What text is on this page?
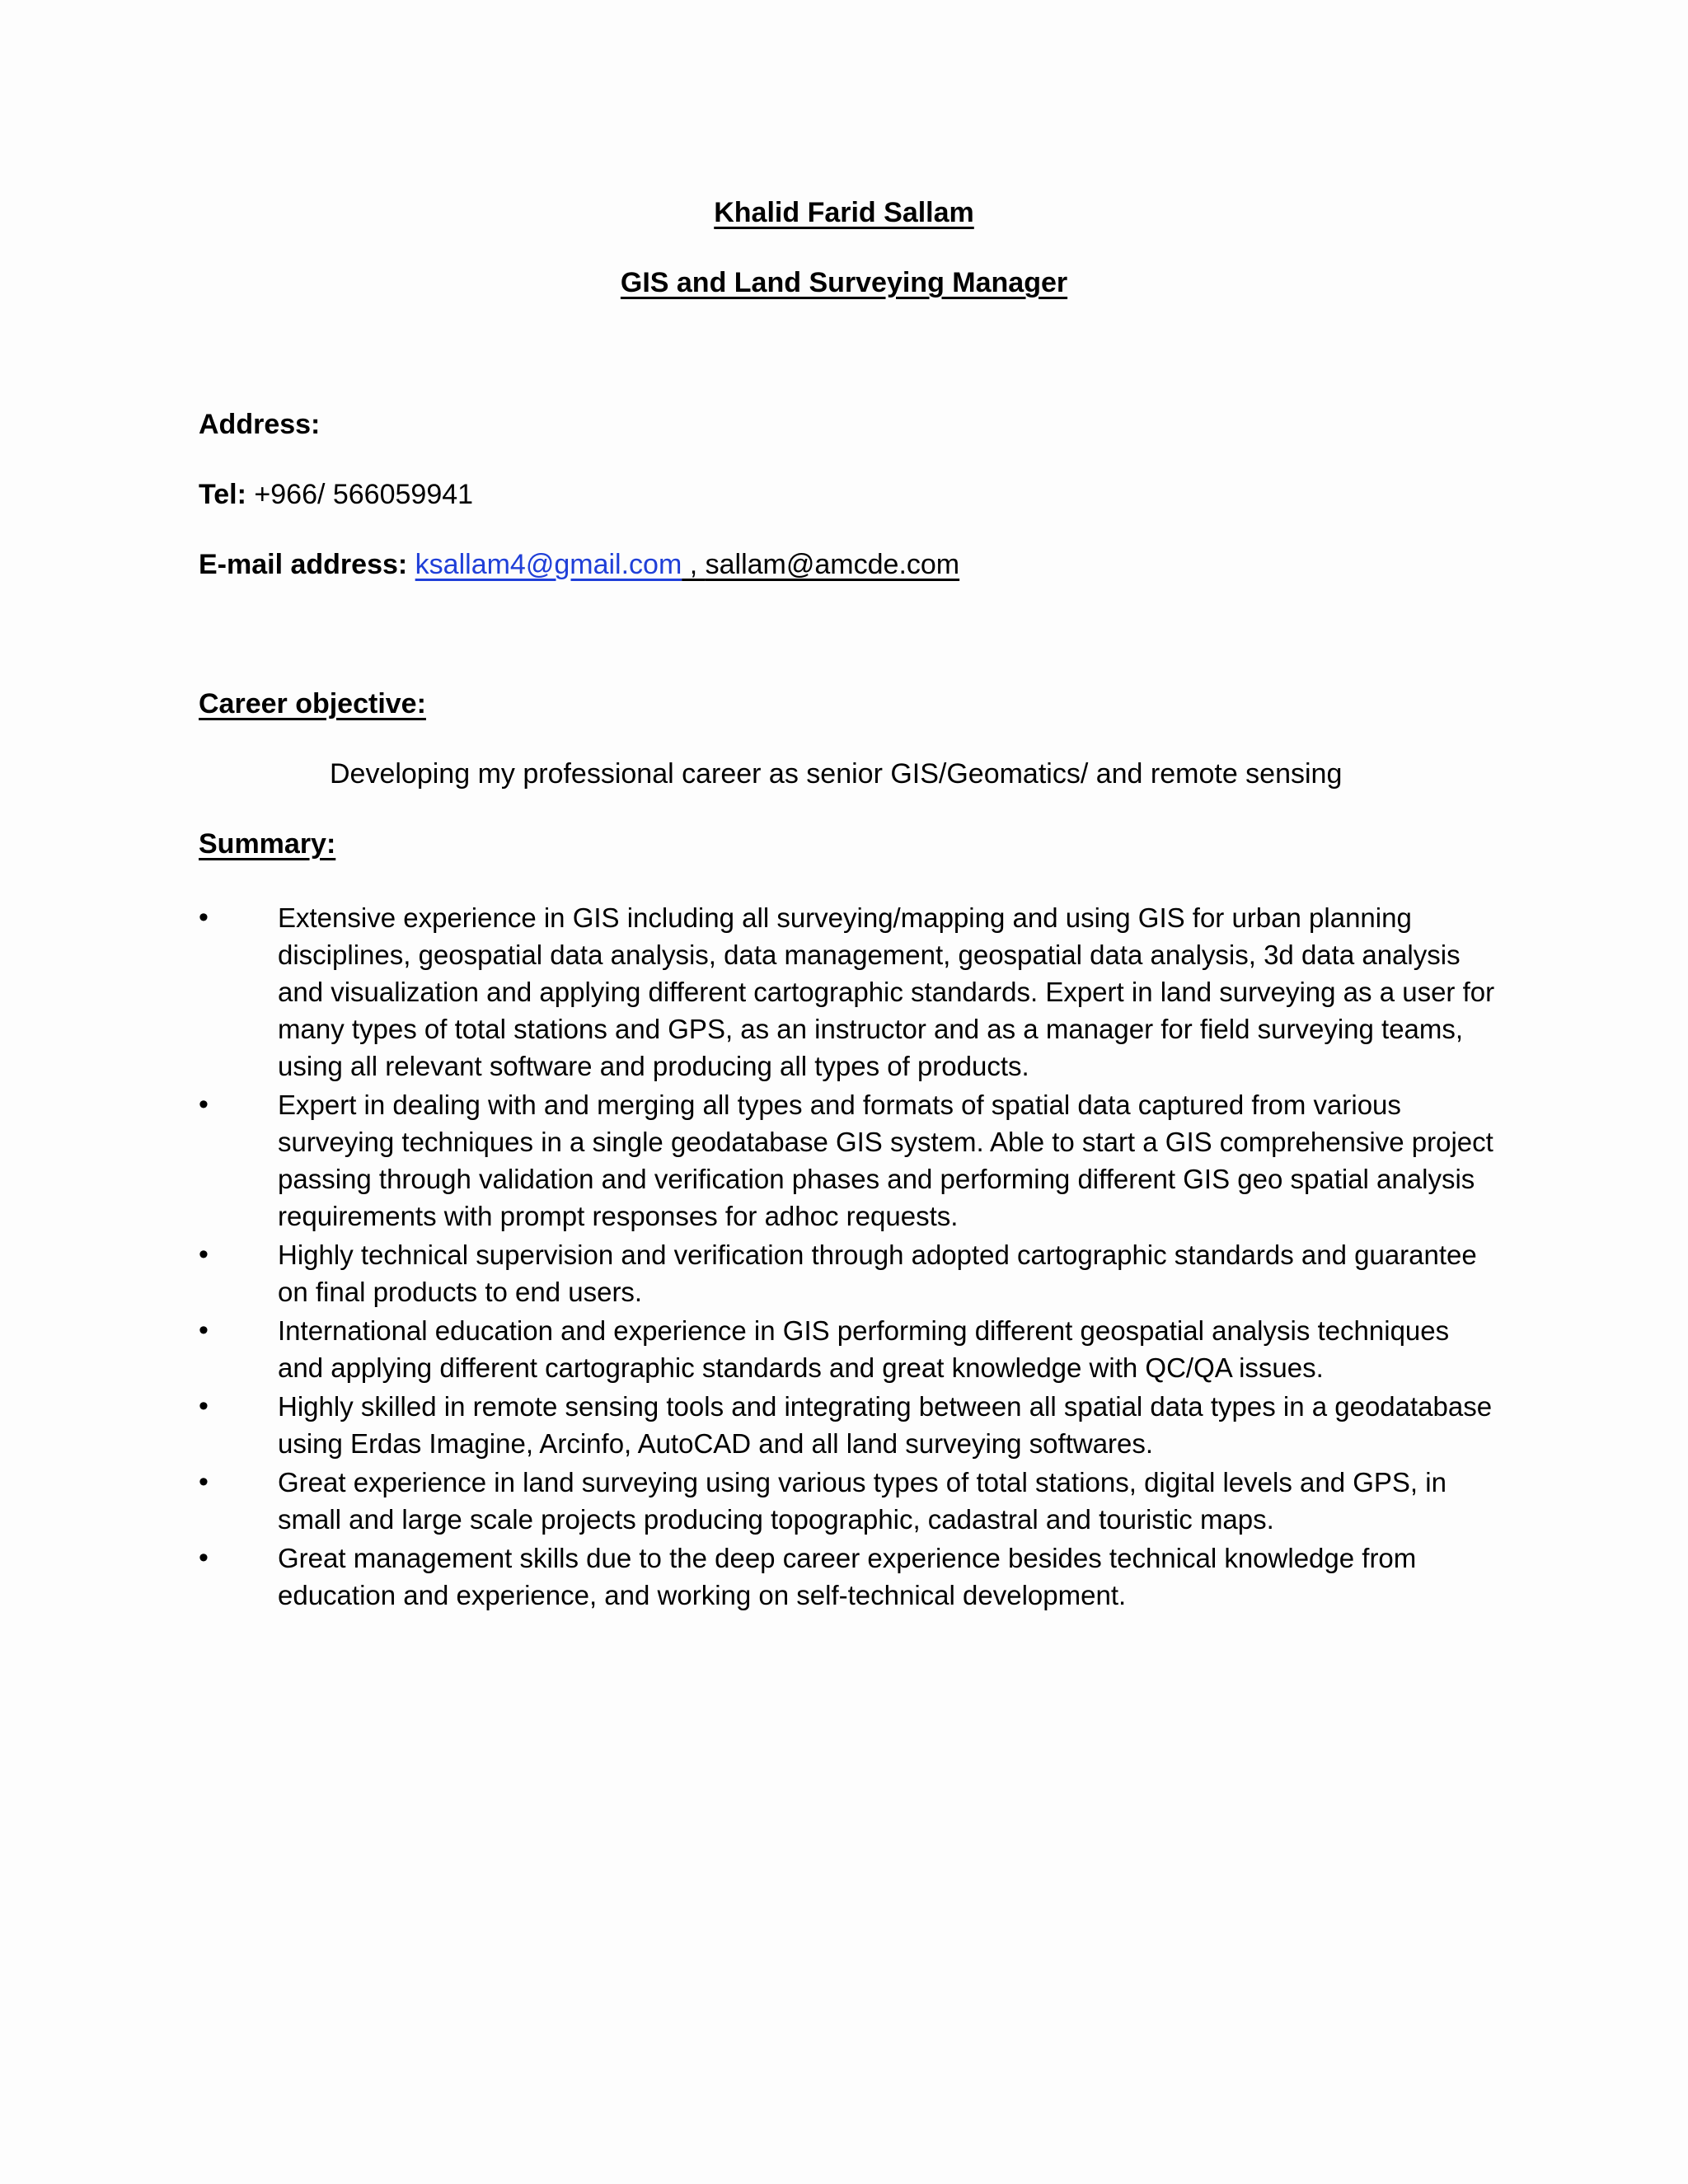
Khalid Farid Sallam
GIS and Land Surveying Manager
Address:
Tel: +966/ 566059941
E-mail address: ksallam4@gmail.com , sallam@amcde.com
Career objective:
Developing my professional career as senior GIS/Geomatics/ and remote sensing
Summary:
•	Extensive experience in GIS including all surveying/mapping and using GIS for urban planning disciplines, geospatial data analysis, data management, geospatial data analysis, 3d data analysis and visualization and applying different cartographic standards. Expert in land surveying as a user for many types of total stations and GPS, as an instructor and as a manager for field surveying teams, using all relevant software and producing all types of products.
•	Expert in dealing with and merging all types and formats of spatial data captured from various surveying techniques in a single geodatabase GIS system. Able to start a GIS comprehensive project passing through validation and verification phases and performing different GIS geo spatial analysis requirements with prompt responses for adhoc requests.
•	Highly technical supervision and verification through adopted cartographic standards and guarantee on final products to end users.
•	International education and experience in GIS performing different geospatial analysis techniques and applying different cartographic standards and great knowledge with QC/QA issues.
•	Highly skilled in remote sensing tools and integrating between all spatial data types in a geodatabase using Erdas Imagine, Arcinfo, AutoCAD and all land surveying softwares.
•	Great experience in land surveying using various types of total stations, digital levels and GPS, in small and large scale projects producing topographic, cadastral and touristic maps.
•	Great management skills due to the deep career experience besides technical knowledge from education and experience, and working on self-technical development.
